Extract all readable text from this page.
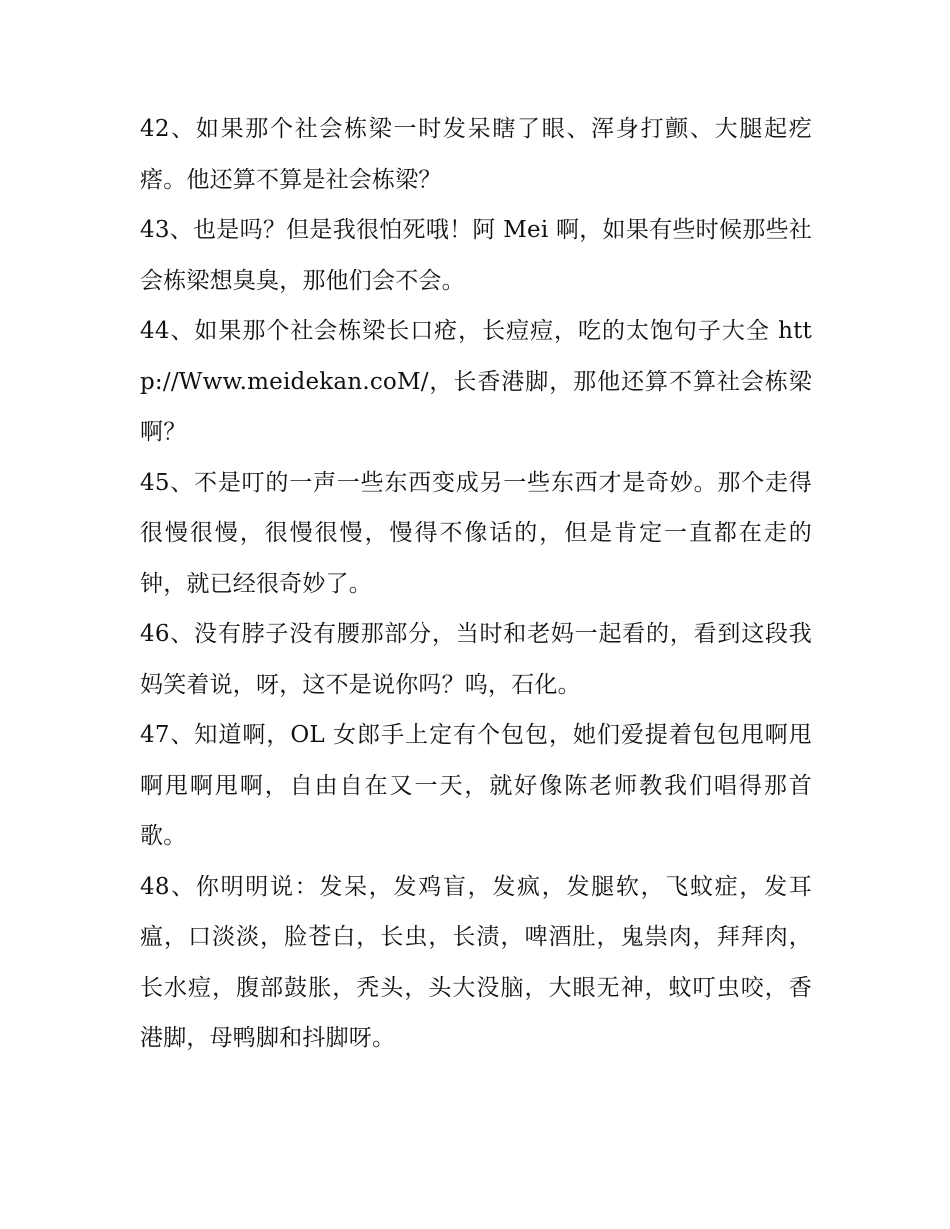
42、如果那个社会栋梁一时发呆瞎了眼、浑身打颤、大腿起疙瘩。他还算不算是社会栋梁？

43、也是吗？但是我很怕死哦！阿 Mei 啊，如果有些时候那些社会栋梁想臭臭，那他们会不会。

44、如果那个社会栋梁长口疮，长痘痘，吃的太饱句子大全 http://Www.meidekan.coM/，长香港脚，那他还算不算社会栋梁啊？

45、不是叮的一声一些东西变成另一些东西才是奇妙。那个走得很慢很慢，很慢很慢，慢得不像话的，但是肯定一直都在走的钟，就已经很奇妙了。

46、没有脖子没有腰那部分，当时和老妈一起看的，看到这段我妈笑着说，呀，这不是说你吗？呜，石化。

47、知道啊，OL 女郎手上定有个包包，她们爱提着包包甩啊甩啊甩啊甩啊，自由自在又一天，就好像陈老师教我们唱得那首歌。

48、你明明说：发呆，发鸡盲，发疯，发腿软，飞蚊症，发耳瘟，口淡淡，脸苍白，长虫，长渍，啤酒肚，鬼祟肉，拜拜肉，长水痘，腹部鼓胀，秃头，头大没脑，大眼无神，蚊叮虫咬，香港脚，母鸭脚和抖脚呀。
